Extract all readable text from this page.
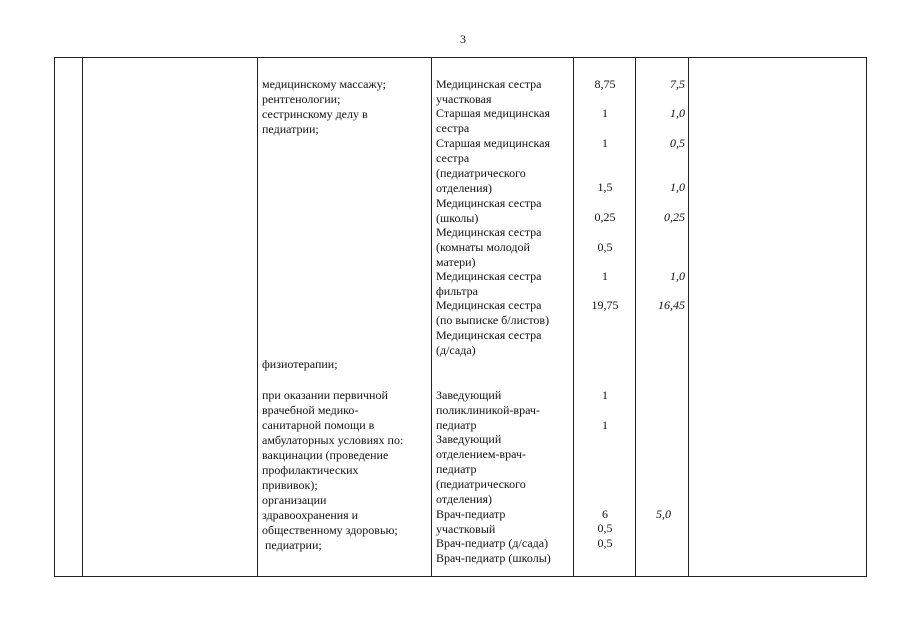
3
медицинскому массажу;
рентгенологии;
сестринскому делу в
педиатрии;
физиотерапии;
при оказании первичной
врачебной медико-
санитарной помощи в
амбулаторных условиях по:
вакцинации (проведение
профилактических
прививок);
организации
здравоохранения и
общественному здоровью;
педиатрии;
Медицинская сестра
участковая
Старшая медицинская
сестра
Старшая медицинская
сестра
(педиатрического
отделения)
Медицинская сестра
(школы)
Медицинская сестра
(комнаты молодой
матери)
Медицинская сестра
фильтра
Медицинская сестра
(по выписке б/листов)
Медицинская сестра
(д/сада)
Заведующий
поликлиникой-врач-
педиатр
Заведующий
отделением-врач-
педиатр
(педиатрического
отделения)
Врач-педиатр
участковый
Врач-педиатр (д/сада)
Врач-педиатр (школы)
8,75
1
1
1,5
0,25
0,5
1
19,75
1
1
6
0,5
0,5
7,5
1,0
0,5
1,0
0,25
1,0
16,45
5,0
